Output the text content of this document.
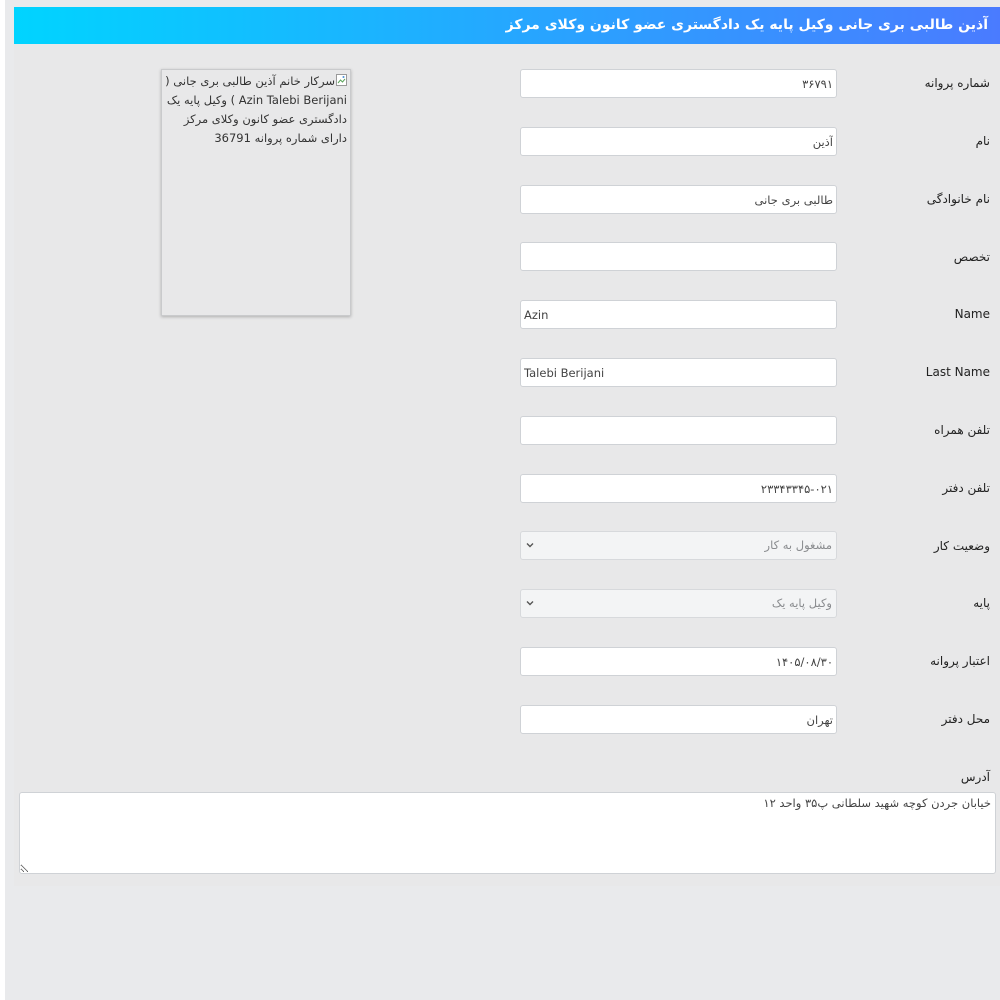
آذین طالبی بری جانی وکیل پایه یک دادگستری عضو کانون وکلای مرکز
سرکار خانم آذین طالبی بری جانی ( Azin Talebi Berijani ) وکیل پایه یک دادگستری عضو کانون وکلای مرکز دارای شماره پروانه 36791
شماره پروانه
۳۶۷۹۱
نام
آذین
نام خانوادگی
طالبی بری جانی
تخصص
Name
Azin
Last Name
Talebi Berijani
تلفن همراه
تلفن دفتر
۲۳۳۴۳۳۴۵-۰۲۱
وضعیت کار
مشغول به کار
پایه
وکیل پایه یک
اعتبار پروانه
۱۴۰۵/۰۸/۳۰
محل دفتر
تهران
آدرس
خیابان جردن کوچه شهید سلطانی پ۳۵ واحد ۱۲
